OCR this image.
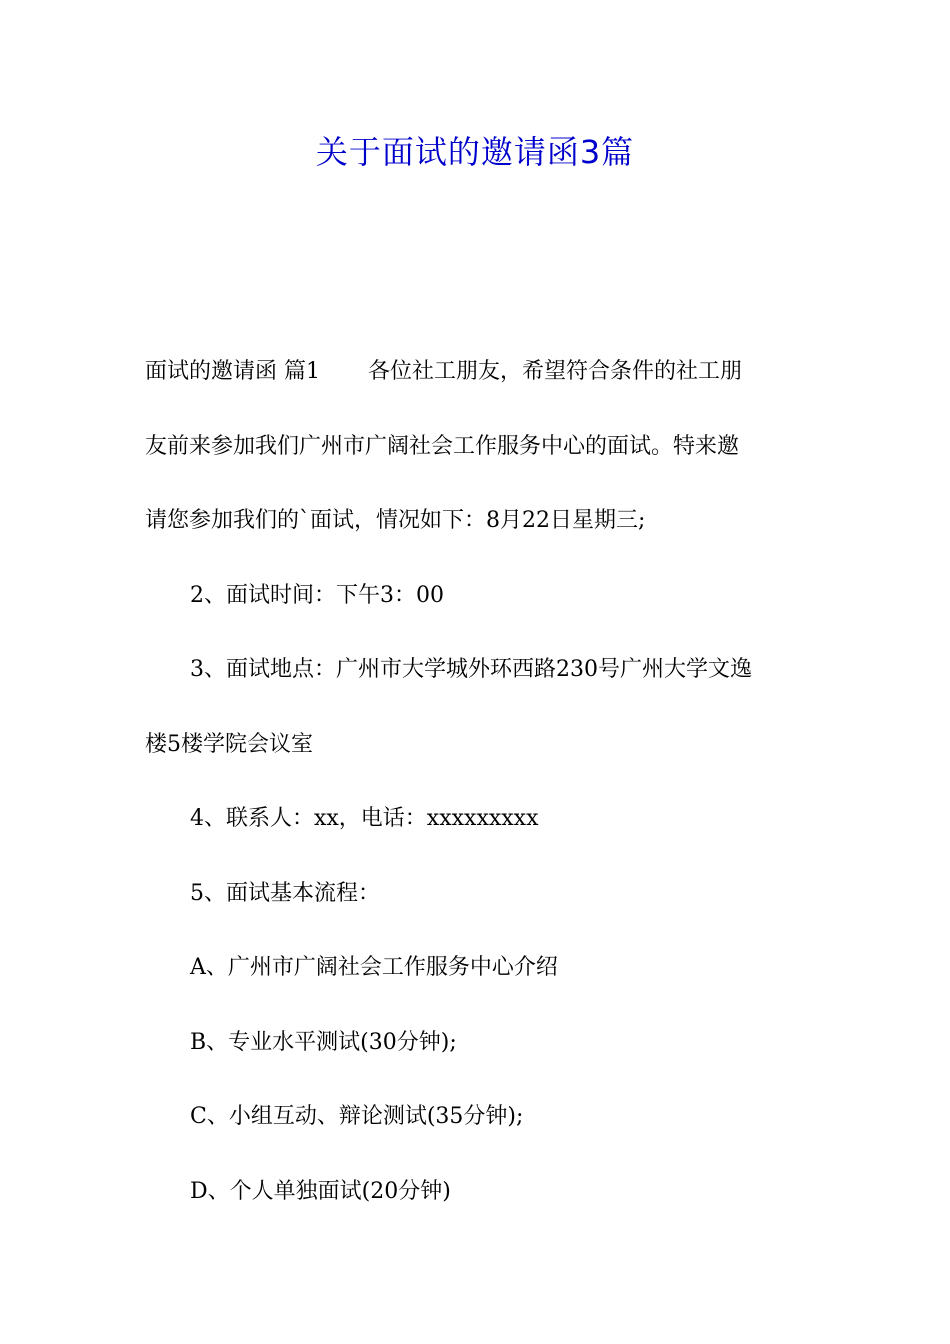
关于面试的邀请函3篇

面试的邀请函 篇1 各位社工朋友，希望符合条件的社工朋

友前来参加我们广州市广阔社会工作服务中心的面试。特来邀

请您参加我们的`面试，情况如下：8月22日星期三;

2、面试时间：下午3：00

3、面试地点：广州市大学城外环西路230号广州大学文逸

楼5楼学院会议室

4、联系人：xx，电话：xxxxxxxxx

5、面试基本流程：

A、广州市广阔社会工作服务中心介绍

B、专业水平测试(30分钟);

C、小组互动、辩论测试(35分钟);

D、个人单独面试(20分钟)
